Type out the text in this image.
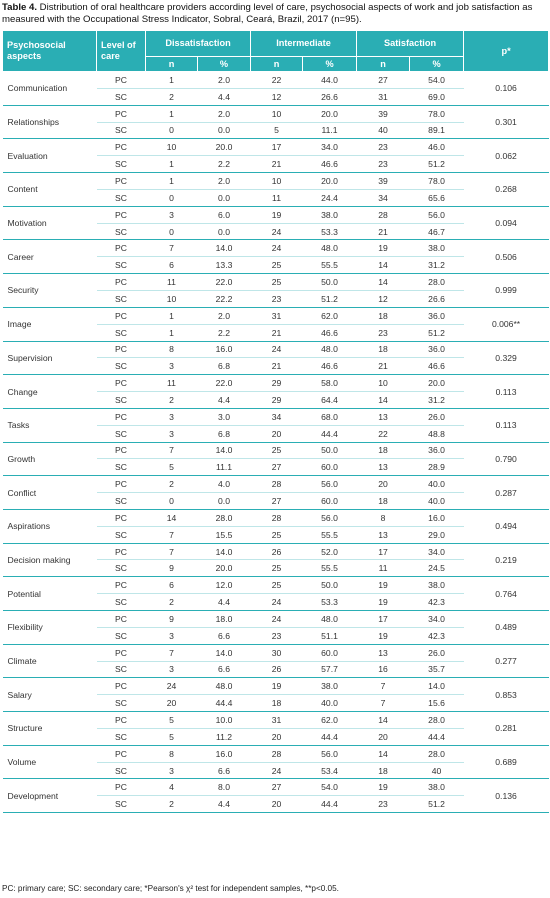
Table 4. Distribution of oral healthcare providers according level of care, psychosocial aspects of work and job satisfaction as measured with the Occupational Stress Indicator, Sobral, Ceará, Brazil, 2017 (n=95).
Psychosocial aspects	Level of care	Dissatisfaction		Intermediate		Satisfaction		p*
		n	%	n	%	n	%	
Communication	PC	1	2.0	22	44.0	27	54.0	0.106
	SC	2	4.4	12	26.6	31	69.0	
Relationships	PC	1	2.0	10	20.0	39	78.0	0.301
	SC	0	0.0	5	11.1	40	89.1	
Evaluation	PC	10	20.0	17	34.0	23	46.0	0.062
	SC	1	2.2	21	46.6	23	51.2	
Content	PC	1	2.0	10	20.0	39	78.0	0.268
	SC	0	0.0	11	24.4	34	65.6	
Motivation	PC	3	6.0	19	38.0	28	56.0	0.094
	SC	0	0.0	24	53.3	21	46.7	
Career	PC	7	14.0	24	48.0	19	38.0	0.506
	SC	6	13.3	25	55.5	14	31.2	
Security	PC	11	22.0	25	50.0	14	28.0	0.999
	SC	10	22.2	23	51.2	12	26.6	
Image	PC	1	2.0	31	62.0	18	36.0	0.006**
	SC	1	2.2	21	46.6	23	51.2	
Supervision	PC	8	16.0	24	48.0	18	36.0	0.329
	SC	3	6.8	21	46.6	21	46.6	
Change	PC	11	22.0	29	58.0	10	20.0	0.113
	SC	2	4.4	29	64.4	14	31.2	
Tasks	PC	3	3.0	34	68.0	13	26.0	0.113
	SC	3	6.8	20	44.4	22	48.8	
Growth	PC	7	14.0	25	50.0	18	36.0	0.790
	SC	5	11.1	27	60.0	13	28.9	
Conflict	PC	2	4.0	28	56.0	20	40.0	0.287
	SC	0	0.0	27	60.0	18	40.0	
Aspirations	PC	14	28.0	28	56.0	8	16.0	0.494
	SC	7	15.5	25	55.5	13	29.0	
Decision making	PC	7	14.0	26	52.0	17	34.0	0.219
	SC	9	20.0	25	55.5	11	24.5	
Potential	PC	6	12.0	25	50.0	19	38.0	0.764
	SC	2	4.4	24	53.3	19	42.3	
Flexibility	PC	9	18.0	24	48.0	17	34.0	0.489
	SC	3	6.6	23	51.1	19	42.3	
Climate	PC	7	14.0	30	60.0	13	26.0	0.277
	SC	3	6.6	26	57.7	16	35.7	
Salary	PC	24	48.0	19	38.0	7	14.0	0.853
	SC	20	44.4	18	40.0	7	15.6	
Structure	PC	5	10.0	31	62.0	14	28.0	0.281
	SC	5	11.2	20	44.4	20	44.4	
Volume	PC	8	16.0	28	56.0	14	28.0	0.689
	SC	3	6.6	24	53.4	18	40	
Development	PC	4	8.0	27	54.0	19	38.0	0.136
	SC	2	4.4	20	44.4	23	51.2	
PC: primary care; SC: secondary care; *Pearson's χ² test for independent samples, **p<0.05.
